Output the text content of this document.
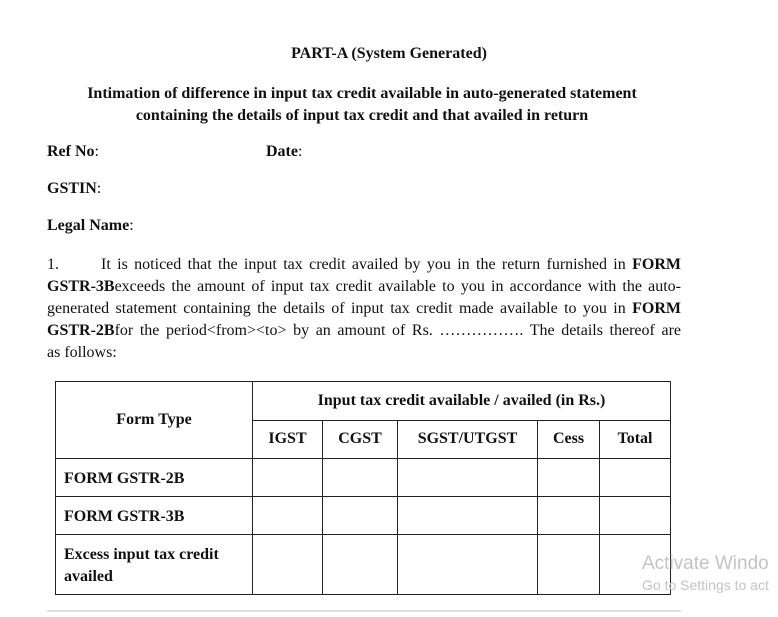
PART-A (System Generated)
Intimation of difference in input tax credit available in auto-generated statement
containing the details of input tax credit and that availed in return
Ref No:	Date:
GSTIN:
Legal Name:
1.	It is noticed that the input tax credit availed by you in the return furnished in FORM
GSTR-3Bexceeds the amount of input tax credit available to you in accordance with the auto-
generated statement containing the details of input tax credit made available to you in FORM
GSTR-2Bfor the period<from><to> by an amount of Rs. ……………. The details thereof are
as follows:
Form Type	Input tax credit available / availed (in Rs.)				
	IGST	CGST	SGST/UTGST	Cess	Total
FORM GSTR-2B					
FORM GSTR-3B					
Excess input tax credit availed					
Activate Windo
Go to Settings to act
